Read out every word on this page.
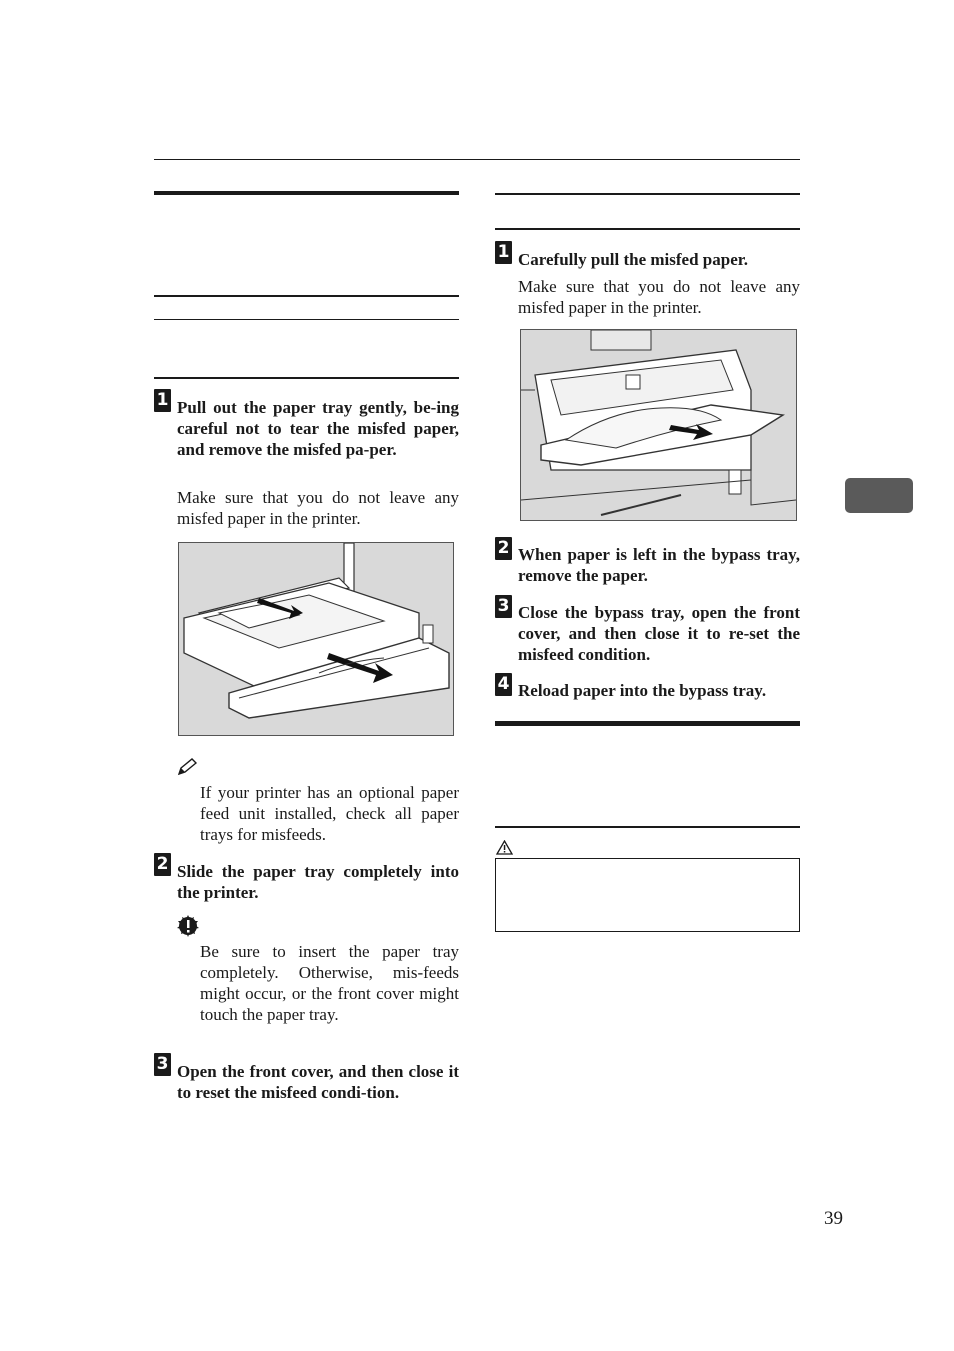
1 Pull out the paper tray gently, be-ing careful not to tear the misfed paper, and remove the misfed pa-per.
Make sure that you do not leave any misfed paper in the printer.
If your printer has an optional paper feed unit installed, check all paper trays for misfeeds.
2 Slide the paper tray completely into the printer.
Be sure to insert the paper tray completely. Otherwise, mis-feeds might occur, or the front cover might touch the paper tray.
3 Open the front cover, and then close it to reset the misfeed condi-tion.
1 Carefully pull the misfed paper.
Make sure that you do not leave any misfed paper in the printer.
2 When paper is left in the bypass tray, remove the paper.
3 Close the bypass tray, open the front cover, and then close it to re-set the misfeed condition.
4 Reload paper into the bypass tray.
39
